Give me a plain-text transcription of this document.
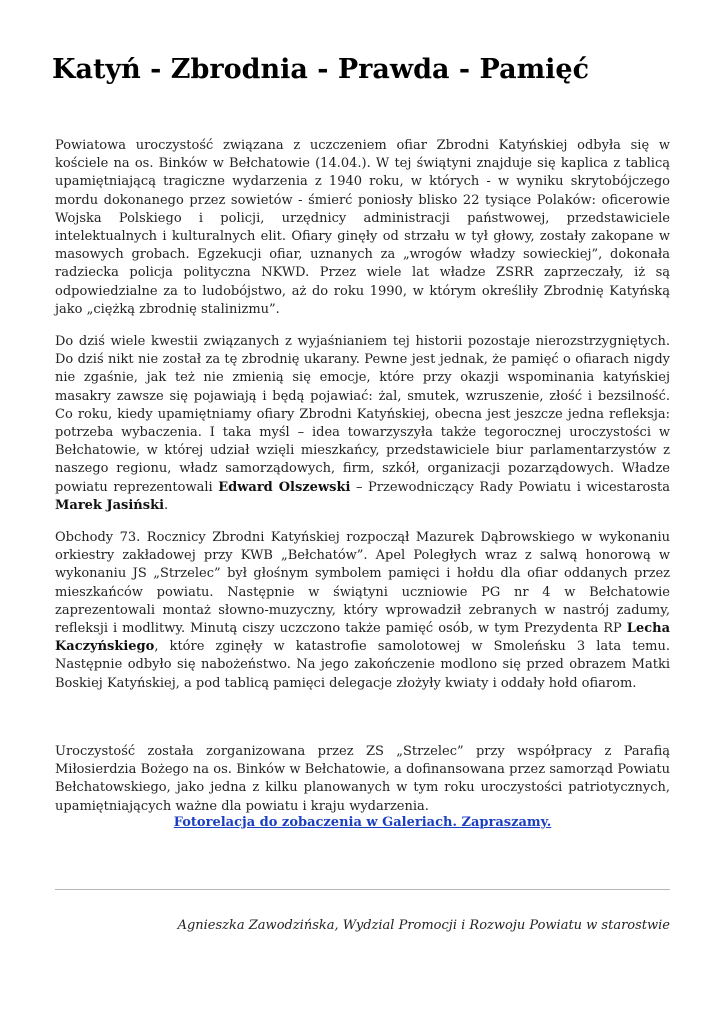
Katyń - Zbrodnia - Prawda - Pamięć

Powiatowa uroczystość związana z uczczeniem ofiar Zbrodni Katyńskiej odbyła się w kościele na os. Binków w Bełchatowie (14.04.). W tej świątyni znajduje się kaplica z tablicą upamiętniającą tragiczne wydarzenia z 1940 roku, w których - w wyniku skrytobójczego mordu dokonanego przez sowietów - śmierć poniosły blisko 22 tysiące Polaków: oficerowie Wojska Polskiego i policji, urzędnicy administracji państwowej, przedstawiciele intelektualnych i kulturalnych elit. Ofiary ginęły od strzału w tył głowy, zostały zakopane w masowych grobach. Egzekucji ofiar, uznanych za „wrogów władzy sowieckiej”, dokonała radziecka policja polityczna NKWD. Przez wiele lat władze ZSRR zaprzeczały, iż są odpowiedzialne za to ludobójstwo, aż do roku 1990, w którym określiły Zbrodnię Katyńską jako „ciężką zbrodnię stalinizmu”.

Do dziś wiele kwestii związanych z wyjaśnianiem tej historii pozostaje nierozstrzygniętych. Do dziś nikt nie został za tę zbrodnię ukarany. Pewne jest jednak, że pamięć o ofiarach nigdy nie zgaśnie, jak też nie zmienią się emocje, które przy okazji wspominania katyńskiej masakry zawsze się pojawiają i będą pojawiać: żal, smutek, wzruszenie, złość i bezsilność. Co roku, kiedy upamiętniamy ofiary Zbrodni Katyńskiej, obecna jest jeszcze jedna refleksja: potrzeba wybaczenia. I taka myśl – idea towarzyszyła także tegorocznej uroczystości w Bełchatowie, w której udział wzięli mieszkańcy, przedstawiciele biur parlamentarzystów z naszego regionu, władz samorządowych, firm, szkół, organizacji pozarządowych. Władze powiatu reprezentowali Edward Olszewski – Przewodniczący Rady Powiatu i wicestarosta Marek Jasiński.

Obchody 73. Rocznicy Zbrodni Katyńskiej rozpoczął Mazurek Dąbrowskiego w wykonaniu orkiestry zakładowej przy KWB „Bełchatów”. Apel Poległych wraz z salwą honorową w wykonaniu JS „Strzelec” był głośnym symbolem pamięci i hołdu dla ofiar oddanych przez mieszkańców powiatu. Następnie w świątyni uczniowie PG nr 4 w Bełchatowie zaprezentowali montaż słowno-muzyczny, który wprowadził zebranych w nastrój zadumy, refleksji i modlitwy. Minutą ciszy uczczono także pamięć osób, w tym Prezydenta RP Lecha Kaczyńskiego, które zginęły w katastrofie samolotowej w Smoleńsku 3 lata temu. Następnie odbyło się nabożeństwo. Na jego zakończenie modlono się przed obrazem Matki Boskiej Katyńskiej, a pod tablicą pamięci delegacje złożyły kwiaty i oddały hołd ofiarom.

Uroczystość została zorganizowana przez ZS „Strzelec” przy współpracy z Parafią Miłosierdzia Bożego na os. Binków w Bełchatowie, a dofinansowana przez samorząd Powiatu Bełchatowskiego, jako jedna z kilku planowanych w tym roku uroczystości patriotycznych, upamiętniających ważne dla powiatu i kraju wydarzenia.

Fotorelacja do zobaczenia w Galeriach. Zapraszamy.
Agnieszka Zawodzińska, Wydzial Promocji i Rozwoju Powiatu w starostwie
